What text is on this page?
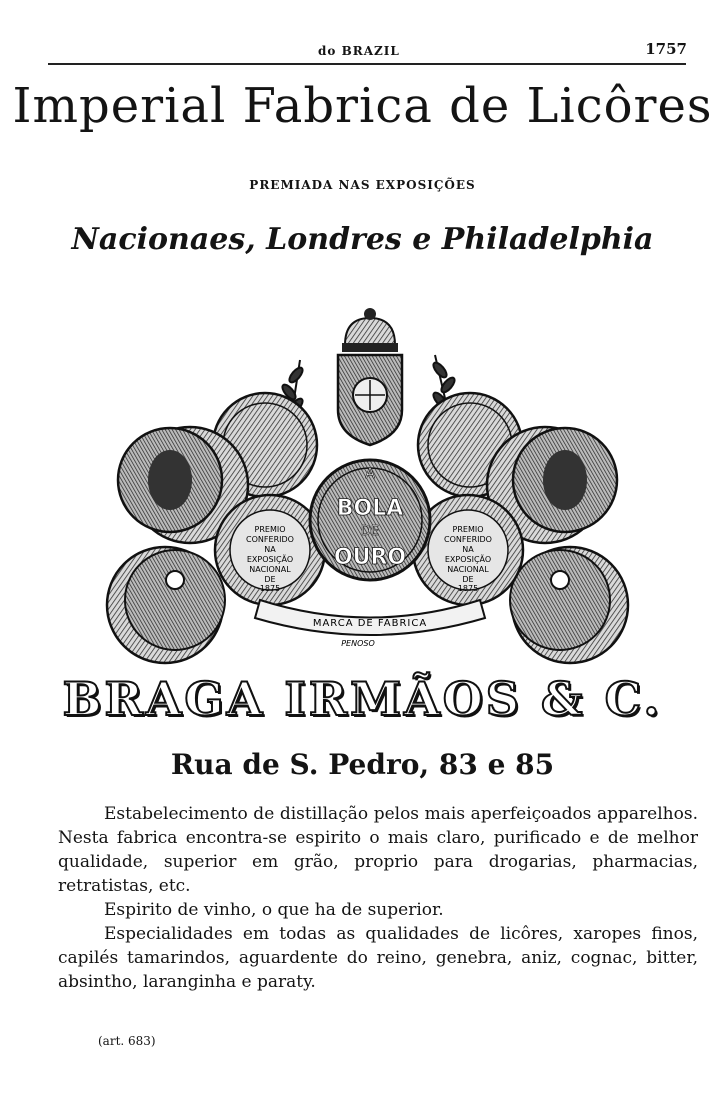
do BRAZIL	1757
Imperial Fabrica de Licôres
PREMIADA NAS EXPOSIÇÕES
Nacionaes, Londres e Philadelphia
PREMIO
CONFERIDO
NA
EXPOSIÇÃO
NACIONAL
DE
1875
PREMIO
CONFERIDO
NA
EXPOSIÇÃO
NACIONAL
DE
1875
A
BOLA
DE
OURO
MARCA DE FABRICA
PENOSO
BRAGA IRMÃOS & C.
Rua de S. Pedro, 83 e 85

Estabelecimento de distillação pelos mais aperfeiçoados apparelhos. Nesta fabrica encontra-se espirito o mais claro, purificado e de melhor qualidade, superior em grão, proprio para drogarias, pharmacias, retratistas, etc.

Espirito de vinho, o que ha de superior.

Especialidades em todas as qualidades de licôres, xaropes finos, capilés tamarindos, aguardente do reino, genebra, aniz, cognac, bitter, absintho, laranginha e paraty.

(art. 683)
